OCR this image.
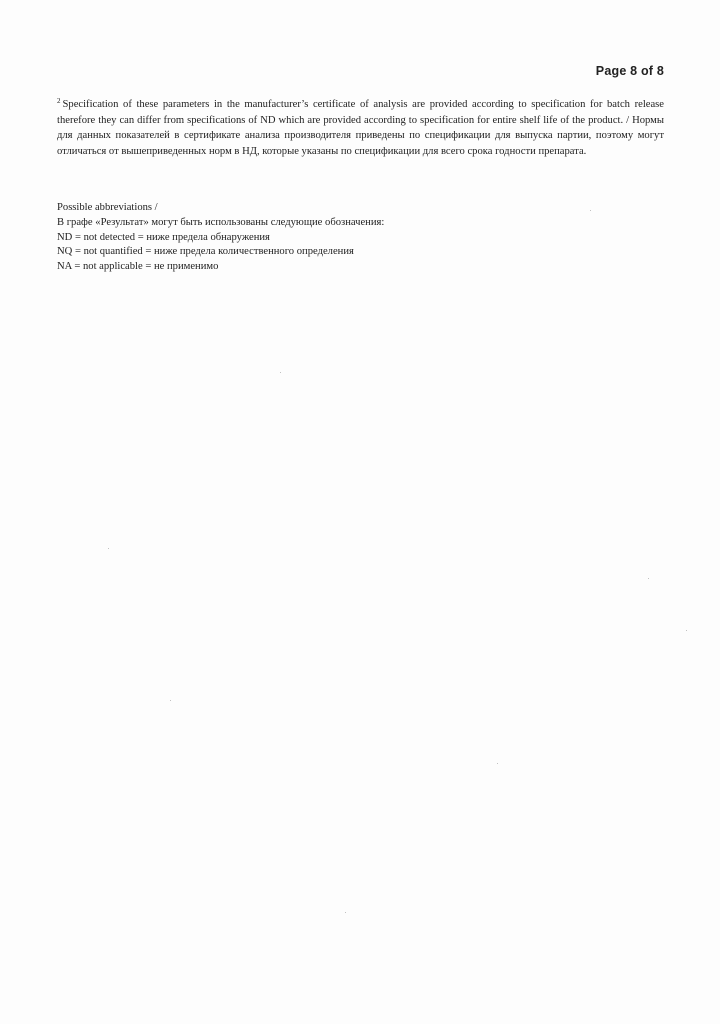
Page 8 of 8
$^2$ Specification of these parameters in the manufacturer’s certificate of analysis are provided according to specification for batch release therefore they can differ from specifications of ND which are provided according to specification for entire shelf life of the product. / Нормы для данных показателей в сертификате анализа производителя приведены по спецификации для выпуска партии, поэтому могут отличаться от вышеприведенных норм в НД, которые указаны по спецификации для всего срока годности препарата.
Possible abbreviations /
В графе «Результат» могут быть использованы следующие обозначения:
ND = not detected = ниже предела обнаружения
NQ = not quantified = ниже предела количественного определения
NA = not applicable = не применимо
